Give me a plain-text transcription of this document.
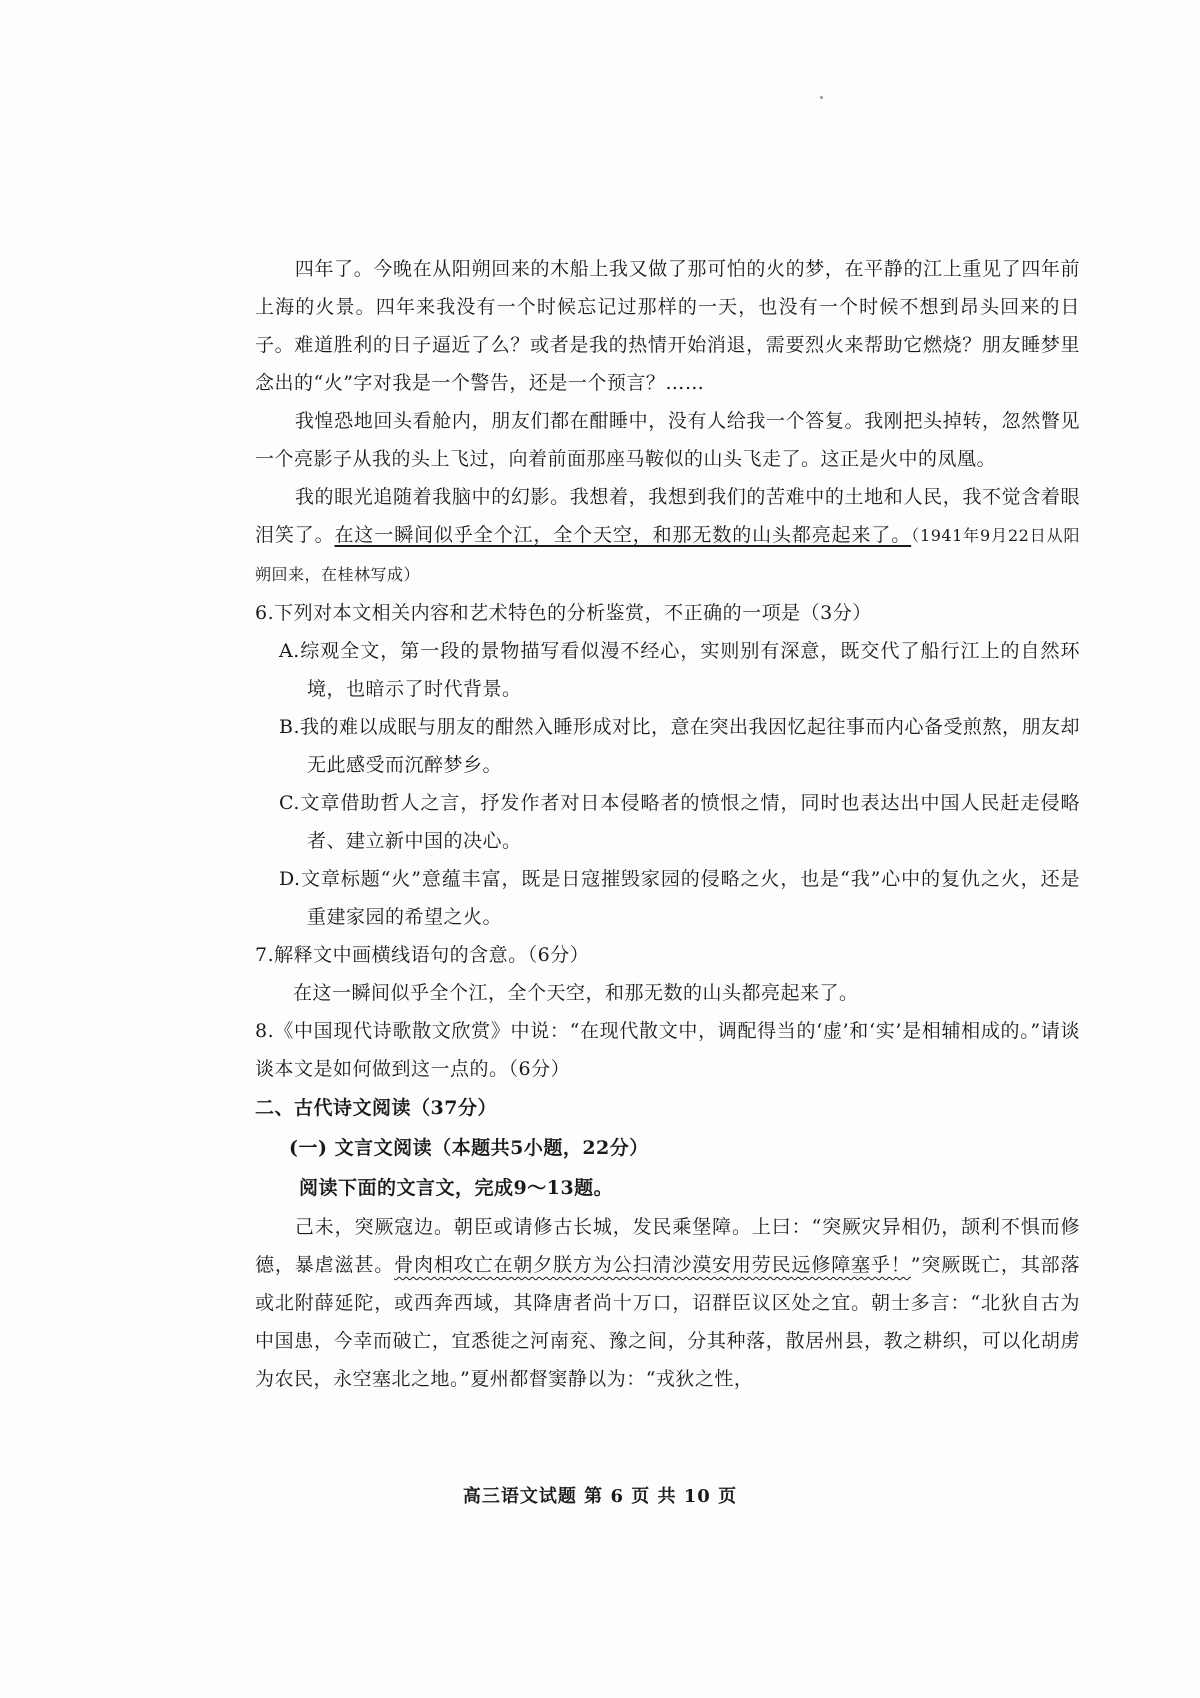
四年了。今晚在从阳朔回来的木船上我又做了那可怕的火的梦，在平静的江上重见了四年前上海的火景。四年来我没有一个时候忘记过那样的一天，也没有一个时候不想到昂头回来的日子。难道胜利的日子逼近了么？或者是我的热情开始消退，需要烈火来帮助它燃烧？朋友睡梦里念出的“火”字对我是一个警告，还是一个预言？……

我惶恐地回头看舱内，朋友们都在酣睡中，没有人给我一个答复。我刚把头掉转，忽然瞥见一个亮影子从我的头上飞过，向着前面那座马鞍似的山头飞走了。这正是火中的凤凰。

我的眼光追随着我脑中的幻影。我想着，我想到我们的苦难中的土地和人民，我不觉含着眼泪笑了。在这一瞬间似乎全个江，全个天空，和那无数的山头都亮起来了。（1941年9月22日从阳朔回来，在桂林写成）

6.下列对本文相关内容和艺术特色的分析鉴赏，不正确的一项是（3分）

A.综观全文，第一段的景物描写看似漫不经心，实则别有深意，既交代了船行江上的自然环境，也暗示了时代背景。

B.我的难以成眠与朋友的酣然入睡形成对比，意在突出我因忆起往事而内心备受煎熬，朋友却无此感受而沉醉梦乡。

C.文章借助哲人之言，抒发作者对日本侵略者的愤恨之情，同时也表达出中国人民赶走侵略者、建立新中国的决心。

D.文章标题“火”意蕴丰富，既是日寇摧毁家园的侵略之火，也是“我”心中的复仇之火，还是重建家园的希望之火。

7.解释文中画横线语句的含意。（6分）

在这一瞬间似乎全个江，全个天空，和那无数的山头都亮起来了。

8.《中国现代诗歌散文欣赏》中说：“在现代散文中，调配得当的‘虚’和‘实’是相辅相成的。”请谈谈本文是如何做到这一点的。（6分）

二、古代诗文阅读（37分）

(一) 文言文阅读（本题共5小题，22分）

阅读下面的文言文，完成9～13题。

己未，突厥寇边。朝臣或请修古长城，发民乘堡障。上曰：“突厥灾异相仍，颉利不惧而修德，暴虐滋甚。骨肉相攻亡在朝夕朕方为公扫清沙漠安用劳民远修障塞乎！”突厥既亡，其部落或北附薛延陀，或西奔西域，其降唐者尚十万口，诏群臣议区处之宜。朝士多言：“北狄自古为中国患，今幸而破亡，宜悉徙之河南兖、豫之间，分其种落，散居州县，教之耕织，可以化胡虏为农民，永空塞北之地。”夏州都督窦静以为：“戎狄之性，

高三语文试题 第 6 页 共 10 页
